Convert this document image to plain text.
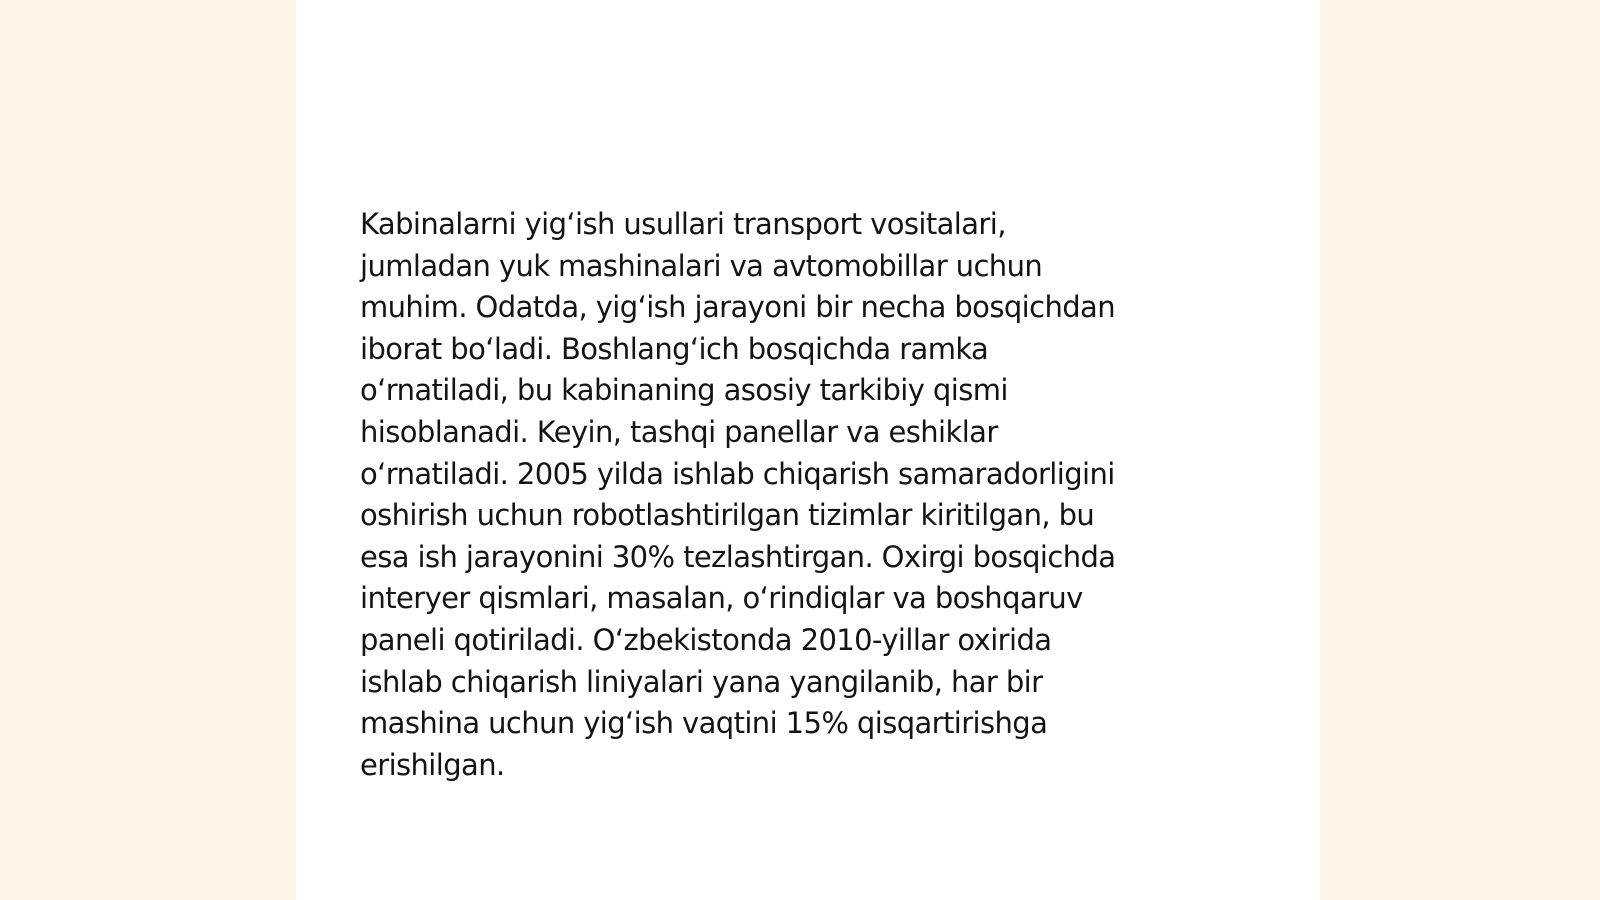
Kabinalarni yig‘ish usullari transport vositalari,
jumladan yuk mashinalari va avtomobillar uchun
muhim. Odatda, yig‘ish jarayoni bir necha bosqichdan
iborat bo‘ladi. Boshlang‘ich bosqichda ramka
o‘rnatiladi, bu kabinaning asosiy tarkibiy qismi
hisoblanadi. Keyin, tashqi panellar va eshiklar
o‘rnatiladi. 2005 yilda ishlab chiqarish samaradorligini
oshirish uchun robotlashtirilgan tizimlar kiritilgan, bu
esa ish jarayonini 30% tezlashtirgan. Oxirgi bosqichda
interyer qismlari, masalan, o‘rindiqlar va boshqaruv
paneli qotiriladi. O‘zbekistonda 2010-yillar oxirida
ishlab chiqarish liniyalari yana yangilanib, har bir
mashina uchun yig‘ish vaqtini 15% qisqartirishga
erishilgan.
